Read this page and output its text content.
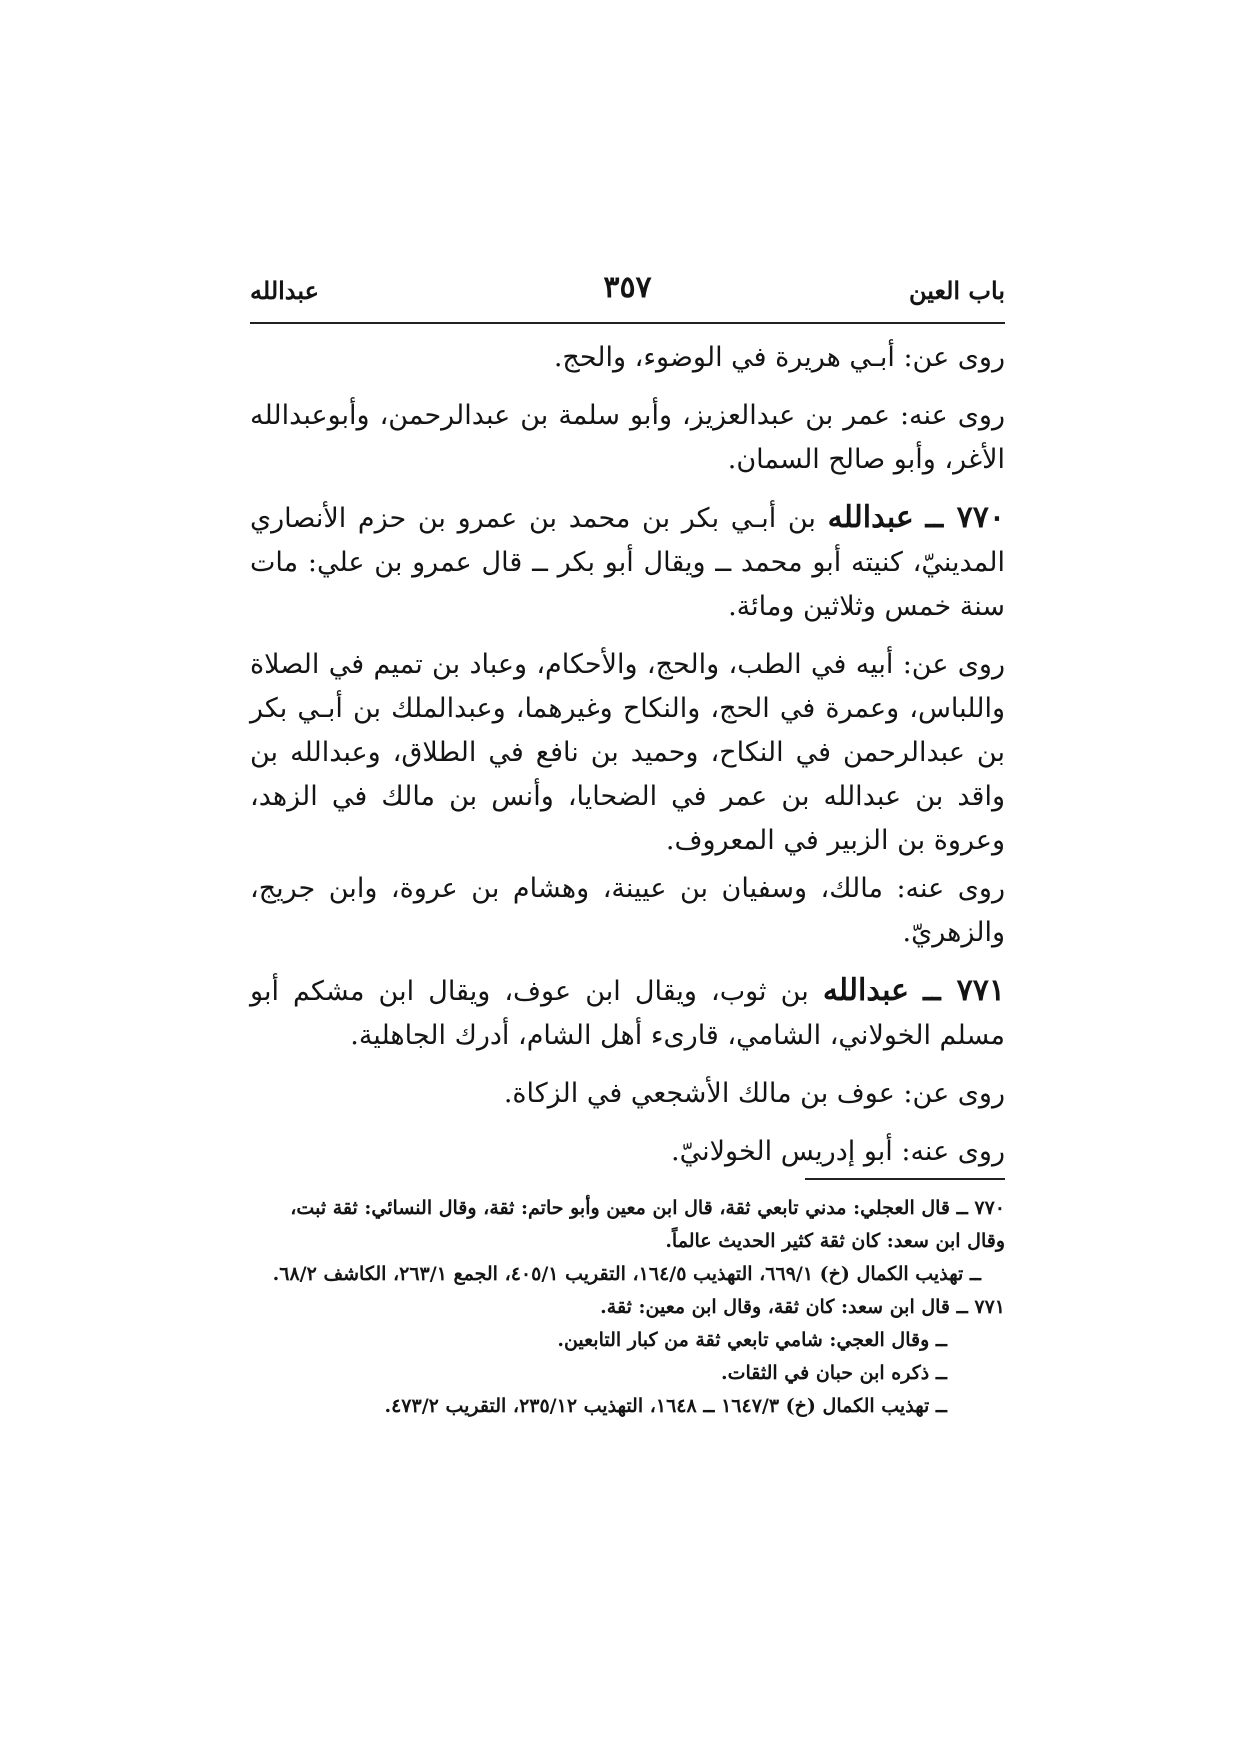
باب العين
٣٥٧
عبدالله

روى عن: أبـي هريرة في الوضوء، والحج.

روى عنه: عمر بن عبدالعزيز، وأبو سلمة بن عبدالرحمن، وأبوعبدالله الأغر، وأبو صالح السمان.

٧٧٠ ــ عبدالله بن أبـي بكر بن محمد بن عمرو بن حزم الأنصاري المدينيّ، كنيته أبو محمد ــ ويقال أبو بكر ــ قال عمرو بن علي: مات سنة خمس وثلاثين ومائة.

روى عن: أبيه في الطب، والحج، والأحكام، وعباد بن تميم في الصلاة واللباس، وعمرة في الحج، والنكاح وغيرهما، وعبدالملك بن أبـي بكر بن عبدالرحمن في النكاح، وحميد بن نافع في الطلاق، وعبدالله بن واقد بن عبدالله بن عمر في الضحايا، وأنس بن مالك في الزهد، وعروة بن الزبير في المعروف.

روى عنه: مالك، وسفيان بن عيينة، وهشام بن عروة، وابن جريج، والزهريّ.

٧٧١ ــ عبدالله بن ثوب، ويقال ابن عوف، ويقال ابن مشكم أبو مسلم الخولاني، الشامي، قارىء أهل الشام، أدرك الجاهلية.

روى عن: عوف بن مالك الأشجعي في الزكاة.

روى عنه: أبو إدريس الخولانيّ.

٧٧٠ ــ قال العجلي: مدني تابعي ثقة، قال ابن معين وأبو حاتم: ثقة، وقال النسائي: ثقة ثبت، وقال ابن سعد: كان ثقة كثير الحديث عالماً.

ــ تهذيب الكمال (خ) ٦٦٩/١، التهذيب ١٦٤/٥، التقريب ٤٠٥/١، الجمع ٢٦٣/١، الكاشف ٦٨/٢.

٧٧١ ــ قال ابن سعد: كان ثقة، وقال ابن معين: ثقة.

ــ وقال العجي: شامي تابعي ثقة من كبار التابعين.

ــ ذكره ابن حبان في الثقات.

ــ تهذيب الكمال (خ) ١٦٤٧/٣ ــ ١٦٤٨، التهذيب ٢٣٥/١٢، التقريب ٤٧٣/٢.
